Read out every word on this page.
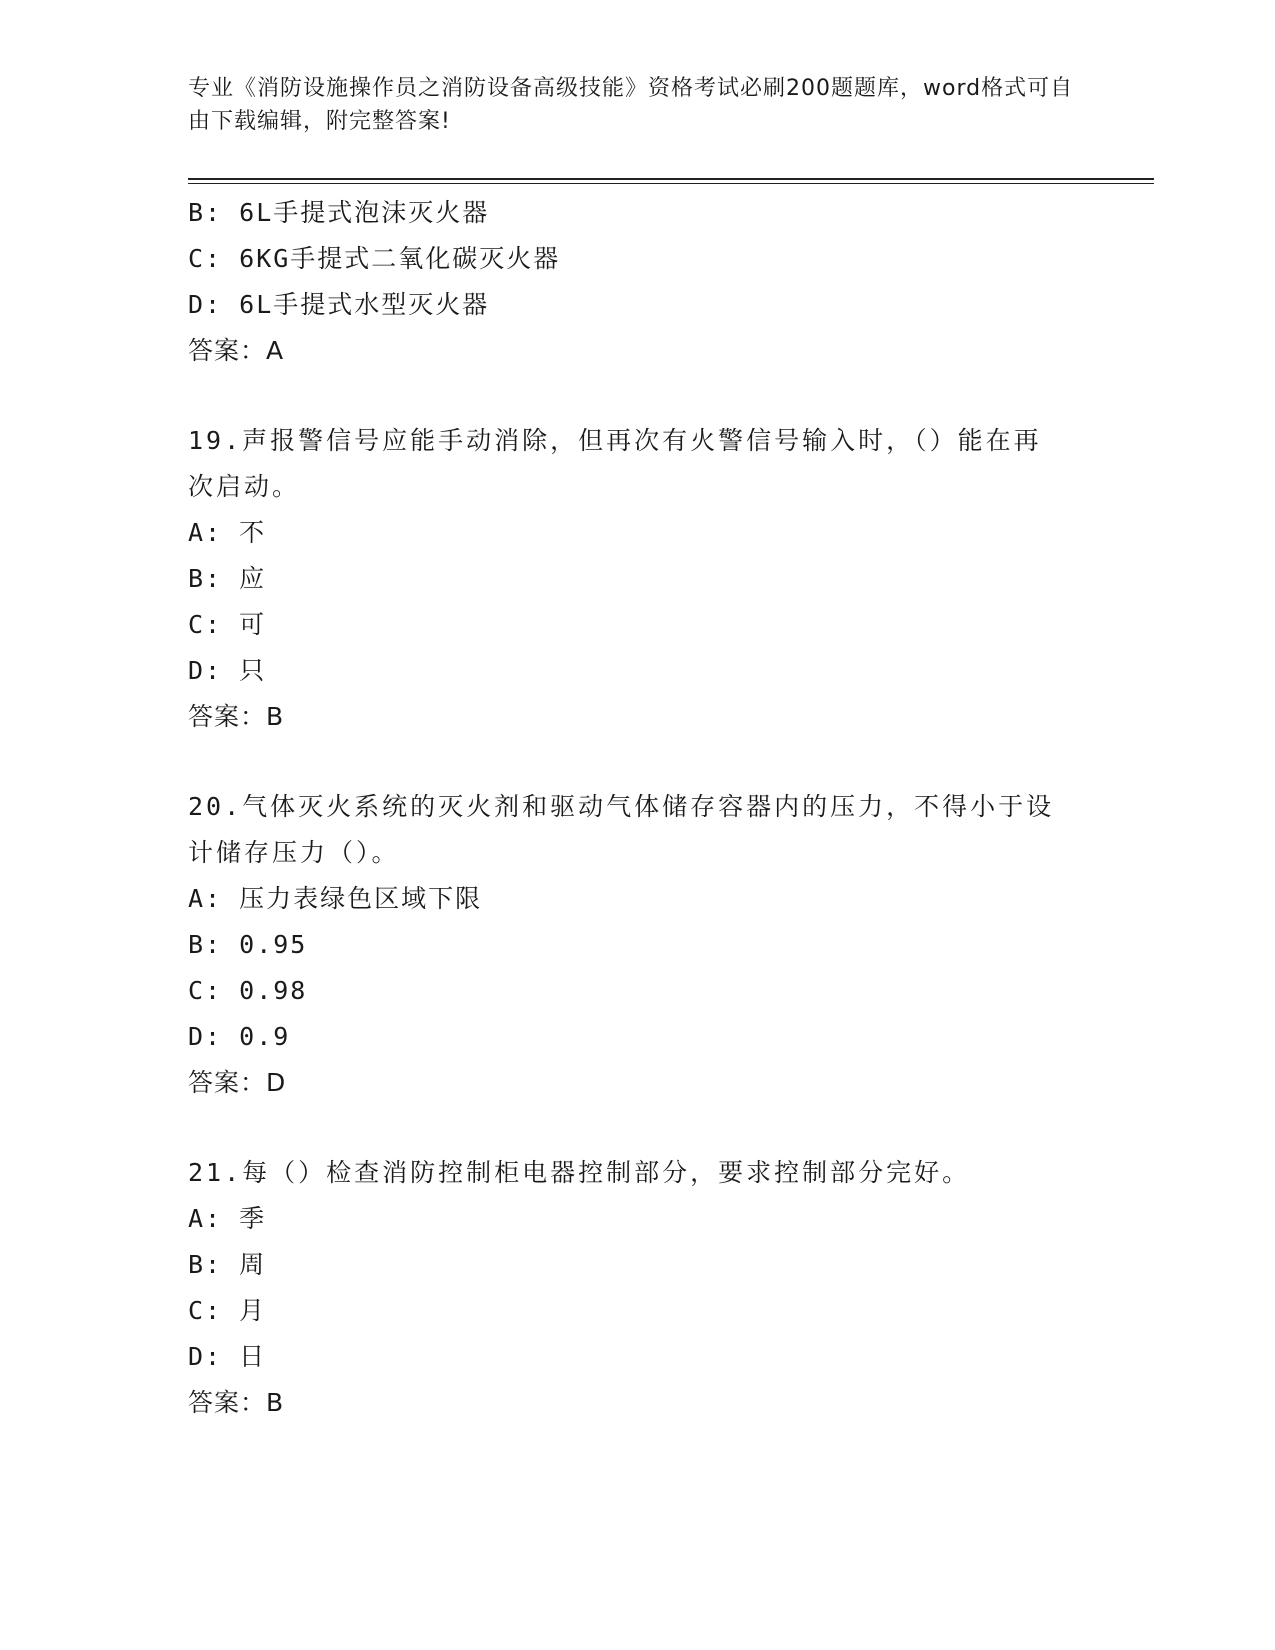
专业《消防设施操作员之消防设备高级技能》资格考试必刷200题题库，word格式可自由下载编辑，附完整答案!
B: 6L手提式泡沫灭火器
C: 6KG手提式二氧化碳灭火器
D: 6L手提式水型灭火器
答案：A
19.声报警信号应能手动消除，但再次有火警信号输入时，（）能在再
次启动。
A: 不
B: 应
C: 可
D: 只
答案：B
20.气体灭火系统的灭火剂和驱动气体储存容器内的压力，不得小于设
计储存压力（）。
A: 压力表绿色区域下限
B: 0.95
C: 0.98
D: 0.9
答案：D
21.每（）检查消防控制柜电器控制部分，要求控制部分完好。
A: 季
B: 周
C: 月
D: 日
答案：B
